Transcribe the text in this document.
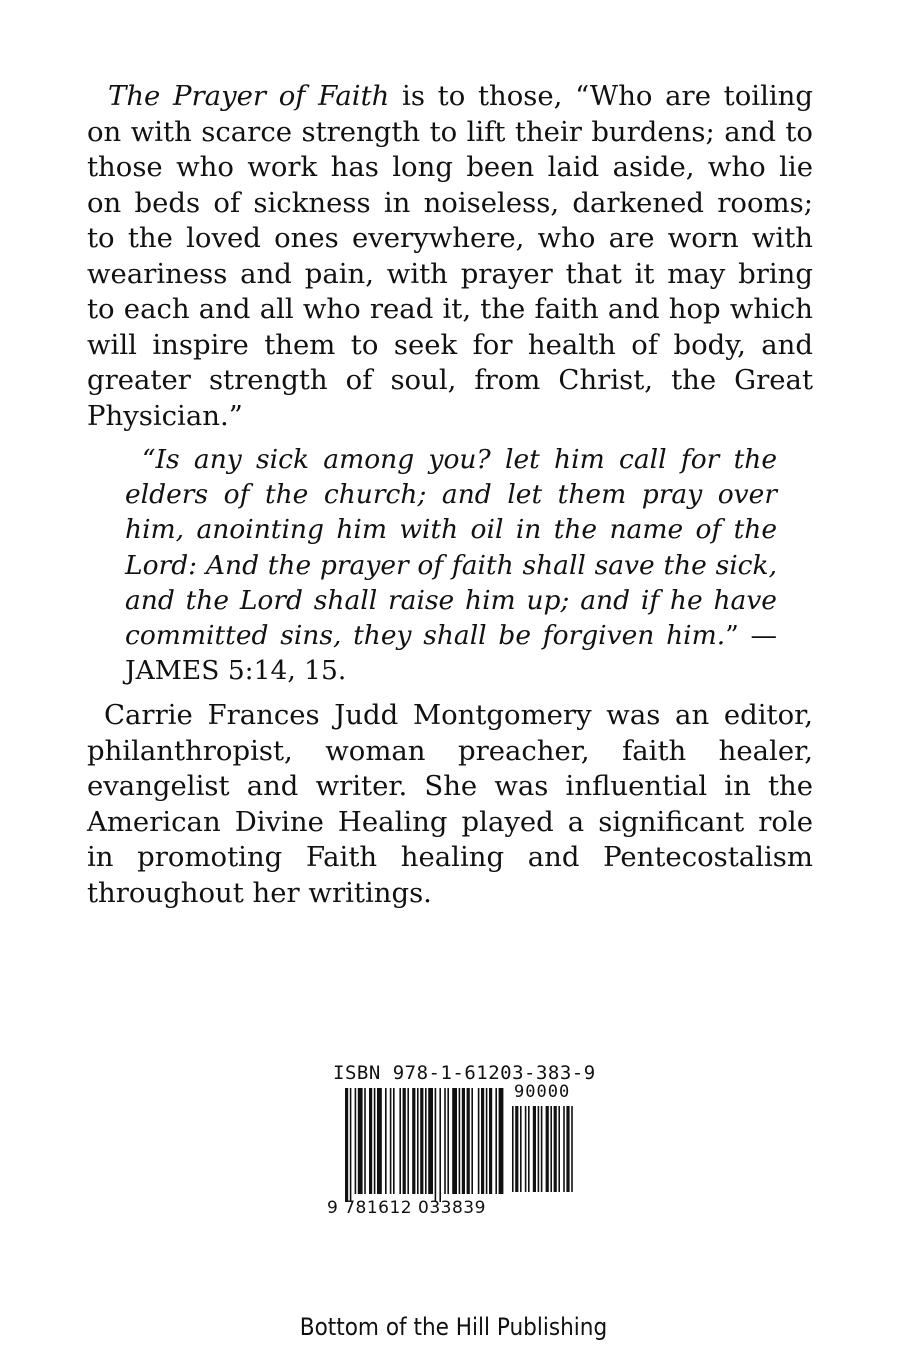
The Prayer of Faith is to those, “Who are toiling on with scarce strength to lift their burdens; and to those who work has long been laid aside, who lie on beds of sickness in noiseless, darkened rooms; to the loved ones everywhere, who are worn with weariness and pain, with prayer that it may bring to each and all who read it, the faith and hop which will inspire them to seek for health of body, and greater strength of soul, from Christ, the Great Physician.”

“Is any sick among you? let him call for the elders of the church; and let them pray over him, anointing him with oil in the name of the Lord: And the prayer of faith shall save the sick, and the Lord shall raise him up; and if he have committed sins, they shall be forgiven him.” — JAMES 5:14, 15.

Carrie Frances Judd Montgomery was an editor, philanthropist, woman preacher, faith healer, evangelist and writer. She was influential in the American Divine Healing played a significant role in promoting Faith healing and Pentecostalism throughout her writings.

ISBN 978-1-61203-383-9
90000
9 781612 033839

Bottom of the Hill Publishing
